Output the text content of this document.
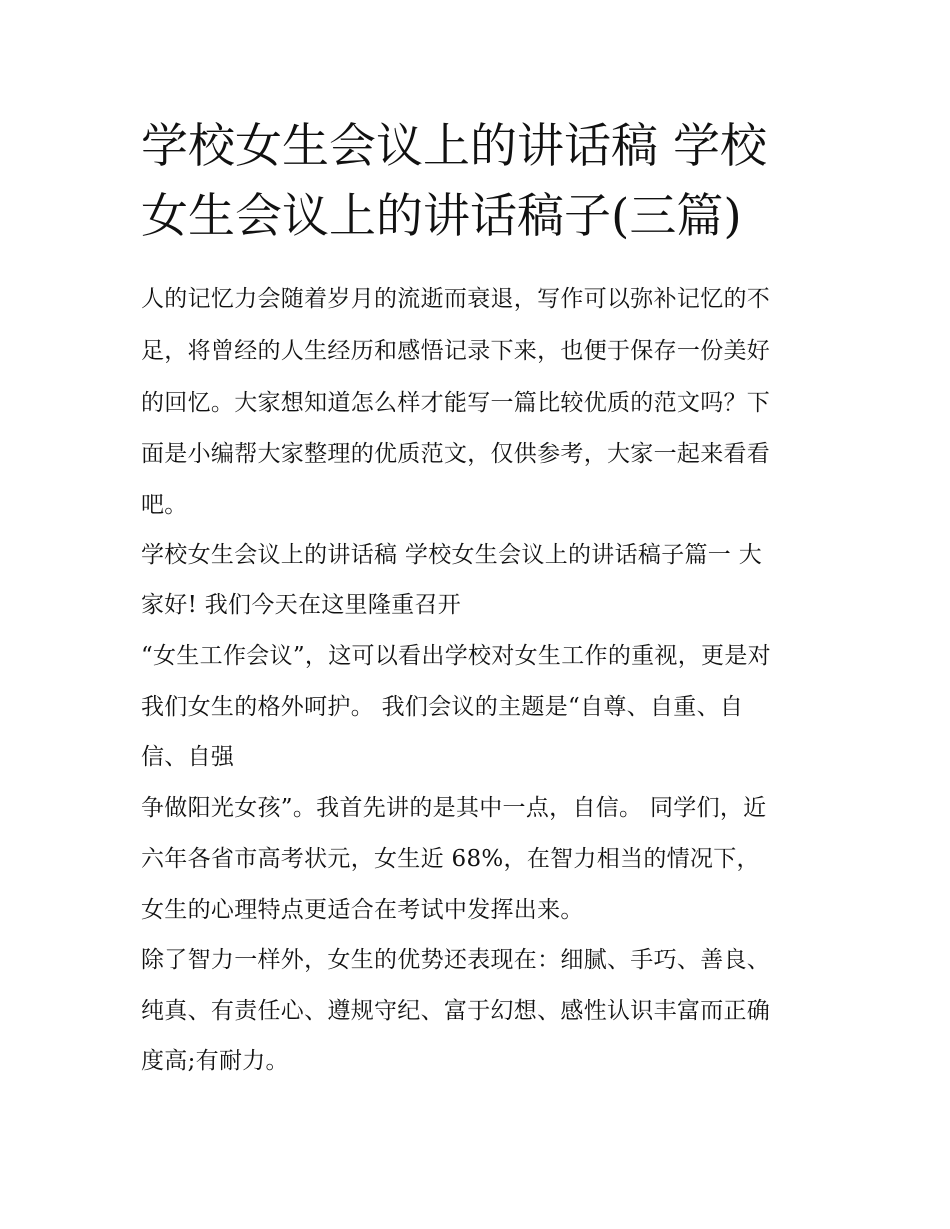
学校女生会议上的讲话稿 学校
女生会议上的讲话稿子(三篇)
人的记忆力会随着岁月的流逝而衰退，写作可以弥补记忆的不
足，将曾经的人生经历和感悟记录下来，也便于保存一份美好
的回忆。大家想知道怎么样才能写一篇比较优质的范文吗？下
面是小编帮大家整理的优质范文，仅供参考，大家一起来看看
吧。
学校女生会议上的讲话稿 学校女生会议上的讲话稿子篇一 大
家好! 我们今天在这里隆重召开
“女生工作会议”，这可以看出学校对女生工作的重视，更是对
我们女生的格外呵护。 我们会议的主题是“自尊、自重、自
信、自强
争做阳光女孩”。我首先讲的是其中一点，自信。 同学们，近
六年各省市高考状元，女生近 68%，在智力相当的情况下，
女生的心理特点更适合在考试中发挥出来。
除了智力一样外，女生的优势还表现在：细腻、手巧、善良、
纯真、有责任心、遵规守纪、富于幻想、感性认识丰富而正确
度高;有耐力。
